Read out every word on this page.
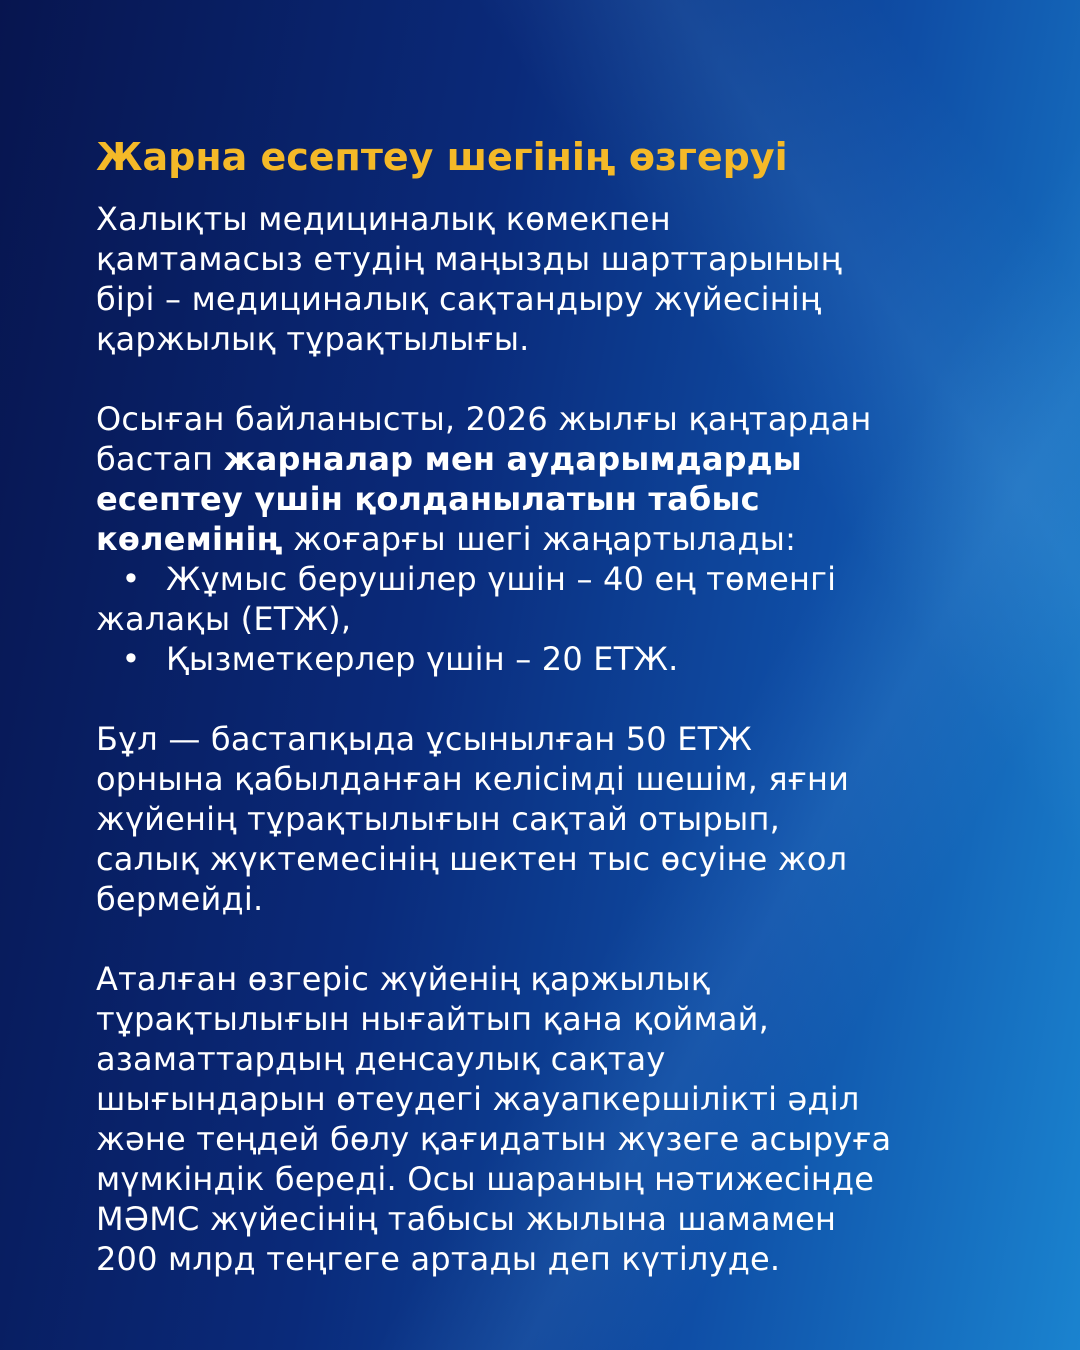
Жарна есептеу шегінің өзгеруі

Халықты медициналық көмекпен

қамтамасыз етудің маңызды шарттарының

бірі – медициналық сақтандыру жүйесінің

қаржылық тұрақтылығы.

Осыған байланысты, 2026 жылғы қаңтардан

бастап жарналар мен аударымдарды

есептеу үшін қолданылатын табыс

көлемінің жоғарғы шегі жаңартылады:

• Жұмыс берушілер үшін – 40 ең төменгі

жалақы (ЕТЖ),

• Қызметкерлер үшін – 20 ЕТЖ.

Бұл — бастапқыда ұсынылған 50 ЕТЖ

орнына қабылданған келісімді шешім, яғни

жүйенің тұрақтылығын сақтай отырып,

салық жүктемесінің шектен тыс өсуіне жол

бермейді.

Аталған өзгеріс жүйенің қаржылық

тұрақтылығын нығайтып қана қоймай,

азаматтардың денсаулық сақтау

шығындарын өтеудегі жауапкершілікті әділ

және теңдей бөлу қағидатын жүзеге асыруға

мүмкіндік береді. Осы шараның нәтижесінде

МӘМС жүйесінің табысы жылына шамамен

200 млрд теңгеге артады деп күтілуде.
